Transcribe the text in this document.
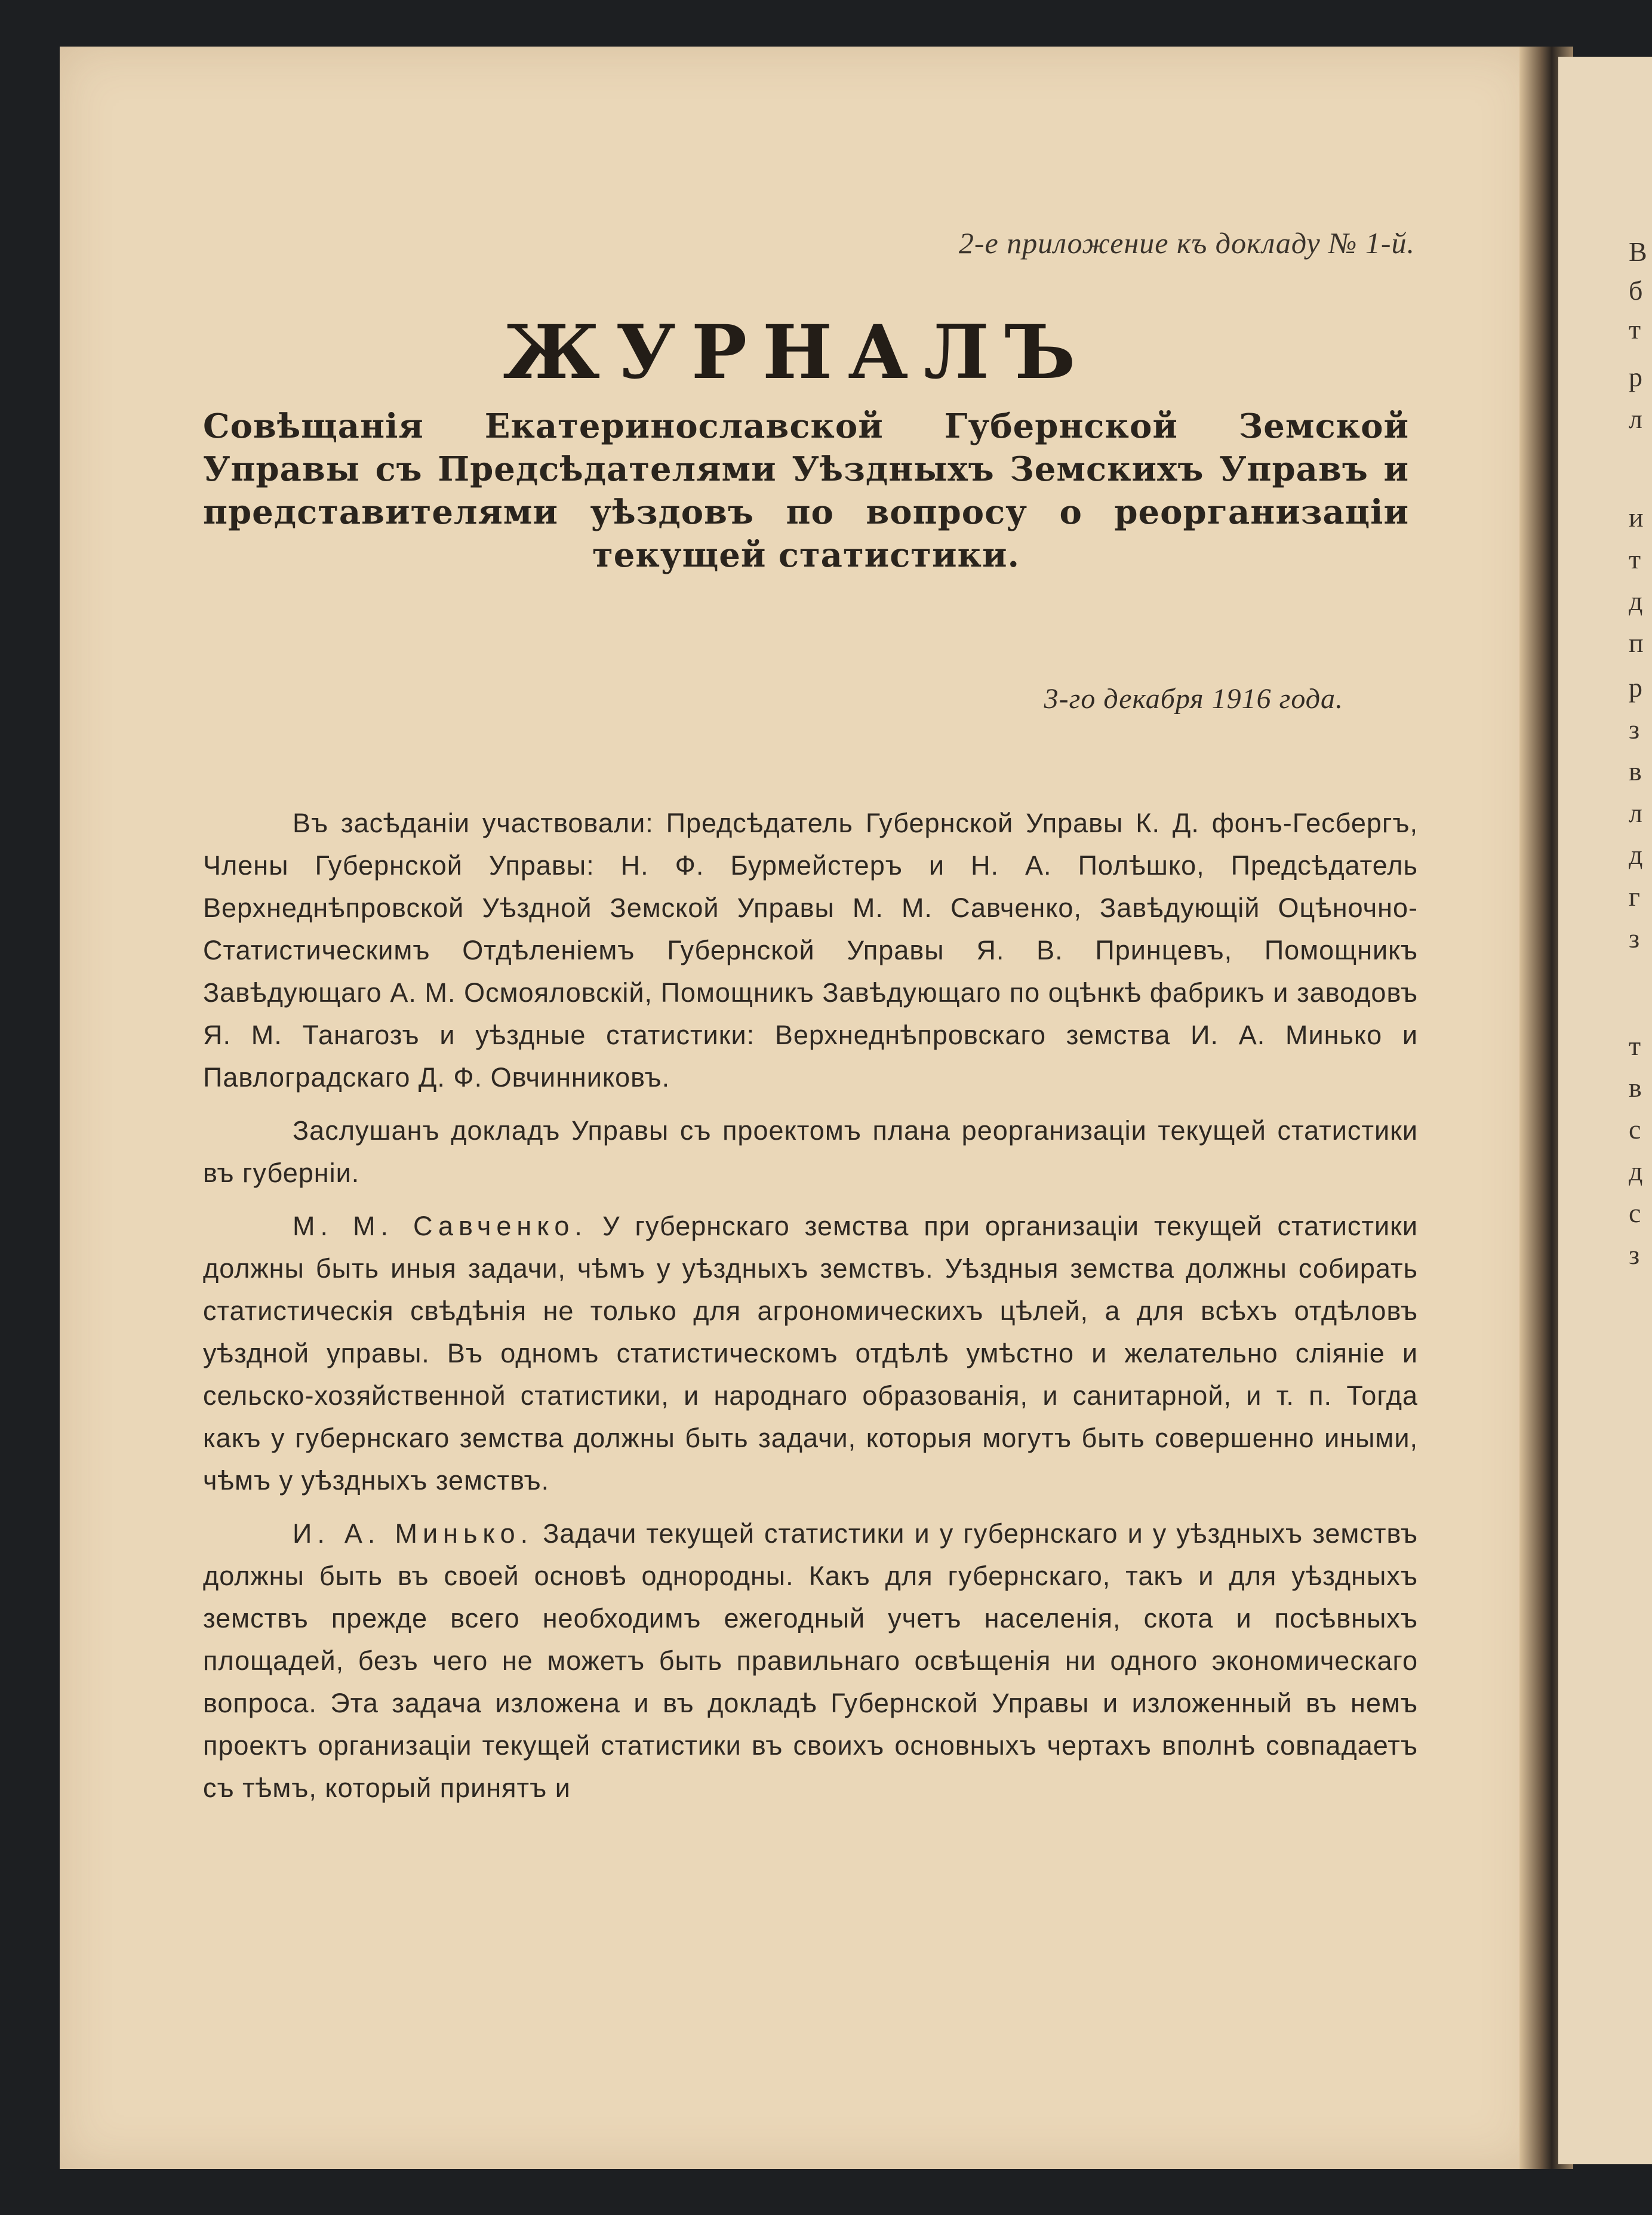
2-е приложение къ докладу № 1-й.
ЖУРНАЛЪ
Совѣщанія Екатеринославской Губернской Земской Управы съ Предсѣдателями Уѣздныхъ Земскихъ Управъ и представителями уѣздовъ по вопросу о реорганизаціи текущей статистики.
3-го декабря 1916 года.

Въ засѣданіи участвовали: Предсѣдатель Губернской Управы К. Д. фонъ-Гесбергъ, Члены Губернской Управы: Н. Ф. Бурмейстеръ и Н. А. Полѣшко, Предсѣдатель Верхнеднѣпровской Уѣздной Земской Управы М. М. Савченко, Завѣдующій Оцѣночно-Статистическимъ Отдѣленіемъ Губернской Управы Я. В. Принцевъ, Помощникъ Завѣдующаго А. М. Осмояловскій, Помощникъ Завѣдующаго по оцѣнкѣ фабрикъ и заводовъ Я. М. Танагозъ и уѣздные статистики: Верхнеднѣпровскаго земства И. А. Минько и Павлоградскаго Д. Ф. Овчинниковъ.

Заслушанъ докладъ Управы съ проектомъ плана реорганизаціи текущей статистики въ губерніи.

М. М. Савченко. У губернскаго земства при организаціи текущей статистики должны быть иныя задачи, чѣмъ у уѣздныхъ земствъ. Уѣздныя земства должны собирать статистическія свѣдѣнія не только для агрономическихъ цѣлей, а для всѣхъ отдѣловъ уѣздной управы. Въ одномъ статистическомъ отдѣлѣ умѣстно и желательно сліяніе и сельско-хозяйственной статистики, и народнаго образованія, и санитарной, и т. п. Тогда какъ у губернскаго земства должны быть задачи, которыя могутъ быть совершенно иными, чѣмъ у уѣздныхъ земствъ.

И. А. Минько. Задачи текущей статистики и у губернскаго и у уѣздныхъ земствъ должны быть въ своей основѣ однородны. Какъ для губернскаго, такъ и для уѣздныхъ земствъ прежде всего необходимъ ежегодный учетъ населенія, скота и посѣвныхъ площадей, безъ чего не можетъ быть правильнаго освѣщенія ни одного экономическаго вопроса. Эта задача изложена и въ докладѣ Губернской Управы и изложенный въ немъ проектъ организаціи текущей статистики въ своихъ основныхъ чертахъ вполнѣ совпадаетъ съ тѣмъ, который принятъ и

В
б
т
р
л
и
т
д
п
р
з
в
л
д
г
з
т
в
с
д
с
з
